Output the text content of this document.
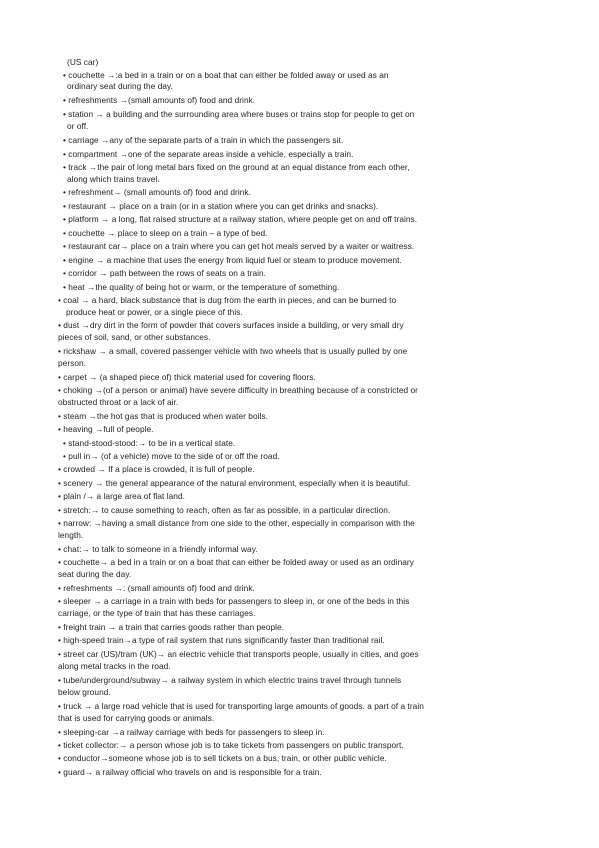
(US car)
• couchette →:a bed in a train or on a boat that can either be folded away or used as an
ordinary seat during the day.
• refreshments →(small amounts of) food and drink.
• station → a building and the surrounding area where buses or trains stop for people to get on
or off.
• carriage →any of the separate parts of a train in which the passengers sit.
• compartment →one of the separate areas inside a vehicle, especially a train.
• track →the pair of long metal bars fixed on the ground at an equal distance from each other,
along which trains travel.
• refreshment→ (small amounts of) food and drink.
• restaurant → place on a train (or in a station where you can get drinks and snacks).
• platform → a long, flat raised structure at a railway station, where people get on and off trains.
• couchette → place to sleep on a train – a type of bed.
• restaurant car→ place on a train where you can get hot meals served by a waiter or waitress.
• engine → a machine that uses the energy from liquid fuel or steam to produce movement.
• corridor → path between the rows of seats on a train.
• heat →the quality of being hot or warm, or the temperature of something.
• coal → a hard, black substance that is dug from the earth in pieces, and can be burned to
produce heat or power, or a single piece of this.
• dust →dry dirt in the form of powder that covers surfaces inside a building, or very small dry
pieces of soil, sand, or other substances.
• rickshaw → a small, covered passenger vehicle with two wheels that is usually pulled by one
person.
• carpet → (a shaped piece of) thick material used for covering floors.
• choking →(of a person or animal) have severe difficulty in breathing because of a constricted or
obstructed throat or a lack of air.
• steam →the hot gas that is produced when water boils.
• heaving →full of people.
• stand-stood-stood:→ to be in a vertical state.
• pull in→ (of a vehicle) move to the side of or off the road.
• crowded → If a place is crowded, it is full of people.
• scenery → the general appearance of the natural environment, especially when it is beautiful.
• plain /→ a large area of flat land.
• stretch:→ to cause something to reach, often as far as possible, in a particular direction.
• narrow: →having a small distance from one side to the other, especially in comparison with the
length.
• chat:→ to talk to someone in a friendly informal way.
• couchette→ a bed in a train or on a boat that can either be folded away or used as an ordinary
seat during the day.
• refreshments →: (small amounts of) food and drink.
• sleeper → a carriage in a train with beds for passengers to sleep in, or one of the beds in this
carriage, or the type of train that has these carriages.
• freight train → a train that carries goods rather than people.
• high-speed train→a type of rail system that runs significantly faster than traditional rail.
• street car (US)/tram (UK)→ an electric vehicle that transports people, usually in cities, and goes
along metal tracks in the road.
• tube/underground/subway→ a railway system in which electric trains travel through tunnels
below ground.
• truck → a large road vehicle that is used for transporting large amounts of goods. a part of a train
that is used for carrying goods or animals.
• sleeping-car →a railway carriage with beds for passengers to sleep in.
• ticket collector:→ a person whose job is to take tickets from passengers on public transport.
• conductor→someone whose job is to sell tickets on a bus, train, or other public vehicle.
• guard→ a railway official who travels on and is responsible for a train.
